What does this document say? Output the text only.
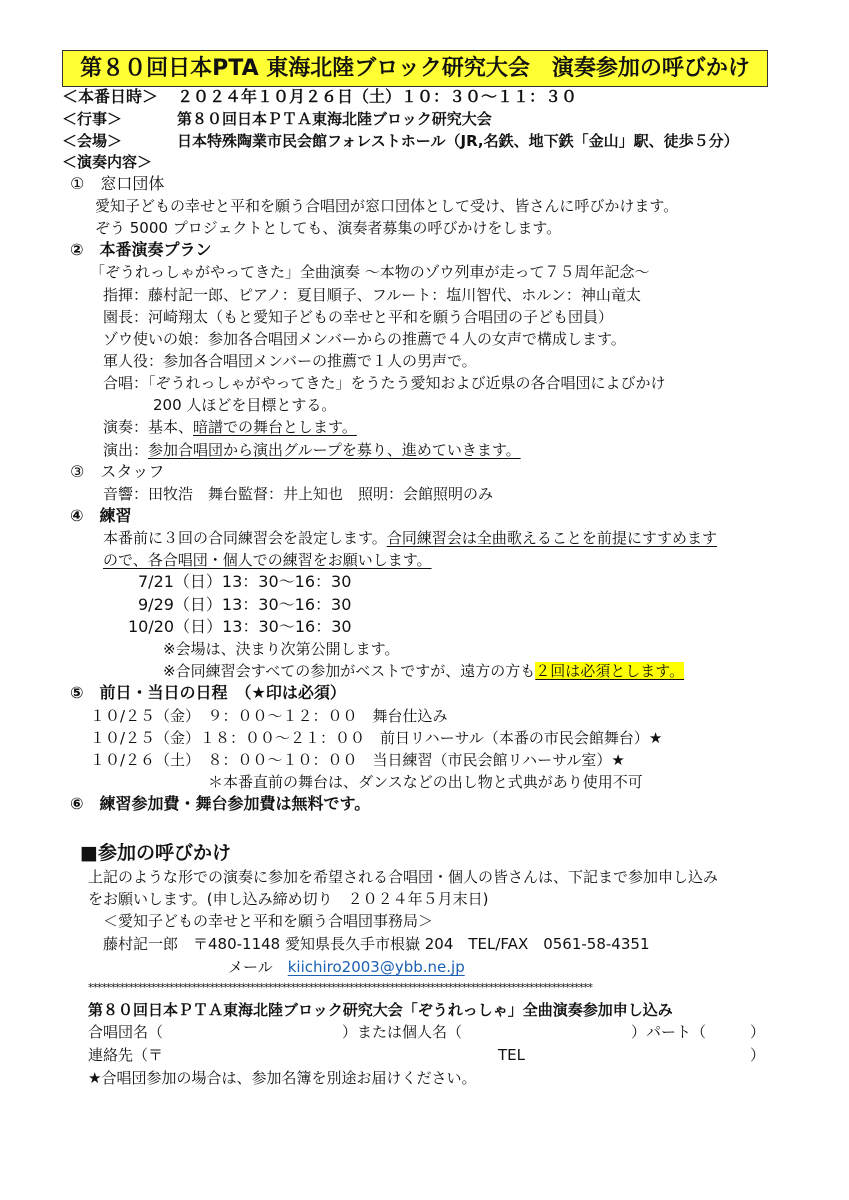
第８０回日本PTA 東海北陸ブロック研究大会　演奏参加の呼びかけ
＜本番日時＞ ２０２４年１０月２６日（土）１０：３０～１１：３０
＜行事＞	第８０回日本ＰＴＡ東海北陸ブロック研究大会
＜会場＞	日本特殊陶業市民会館フォレストホール（JR,名鉄、地下鉄「金山」駅、徒歩５分）
＜演奏内容＞
①　窓口団体
愛知子どもの幸せと平和を願う合唱団が窓口団体として受け、皆さんに呼びかけます。
ぞう 5000 プロジェクトとしても、演奏者募集の呼びかけをします。
②　本番演奏プラン
「ぞうれっしゃがやってきた」全曲演奏 ～本物のゾウ列車が走って７５周年記念～
指揮：藤村記一郎、ピアノ：夏目順子、フルート：塩川智代、ホルン：神山竜太
園長：河崎翔太（もと愛知子どもの幸せと平和を願う合唱団の子ども団員）
ゾウ使いの娘：参加各合唱団メンバーからの推薦で４人の女声で構成します。
軍人役：参加各合唱団メンバーの推薦で１人の男声で。
合唱：「ぞうれっしゃがやってきた」をうたう愛知および近県の各合唱団によびかけ
200 人ほどを目標とする。
演奏：基本、暗譜での舞台とします。
演出：参加合唱団から演出グループを募り、進めていきます。
③　スタッフ
音響：田牧浩　舞台監督：井上知也　照明：会館照明のみ
④　練習
本番前に３回の合同練習会を設定します。合同練習会は全曲歌えることを前提にすすめます
ので、各合唱団・個人での練習をお願いします。
7/21（日）13：30～16：30
9/29（日）13：30～16：30
10/20（日）13：30～16：30
※会場は、決まり次第公開します。
※合同練習会すべての参加がベストですが、遠方の方も２回は必須とします。
⑤　前日・当日の日程　（★印は必須）
１０/２５（金）　９：００～１２：００　舞台仕込み
１０/２５（金）１８：００～２１：００　前日リハーサル（本番の市民会館舞台）★
１０/２６（土）　８：００～１０：００　当日練習（市民会館リハーサル室）★
＊本番直前の舞台は、ダンスなどの出し物と式典があり使用不可
⑥　練習参加費・舞台参加費は無料です。
■参加の呼びかけ
上記のような形での演奏に参加を希望される合唱団・個人の皆さんは、下記まで参加申し込み
をお願いします。(申し込み締め切り　２０２４年５月末日)
＜愛知子どもの幸せと平和を願う合唱団事務局＞
藤村記一郎　〒480-1148 愛知県長久手市根嶽 204　TEL/FAX　0561-58-4351
メール　 kiichiro2003@ybb.ne.jp
****************************************************************************************************************
第８０回日本ＰＴＡ東海北陸ブロック研究大会「ぞうれっしゃ」全曲演奏参加申し込み
合唱団名（	）または個人名（	）パート（	）
連絡先（〒	TEL	）
★合唱団参加の場合は、参加名簿を別途お届けください。
